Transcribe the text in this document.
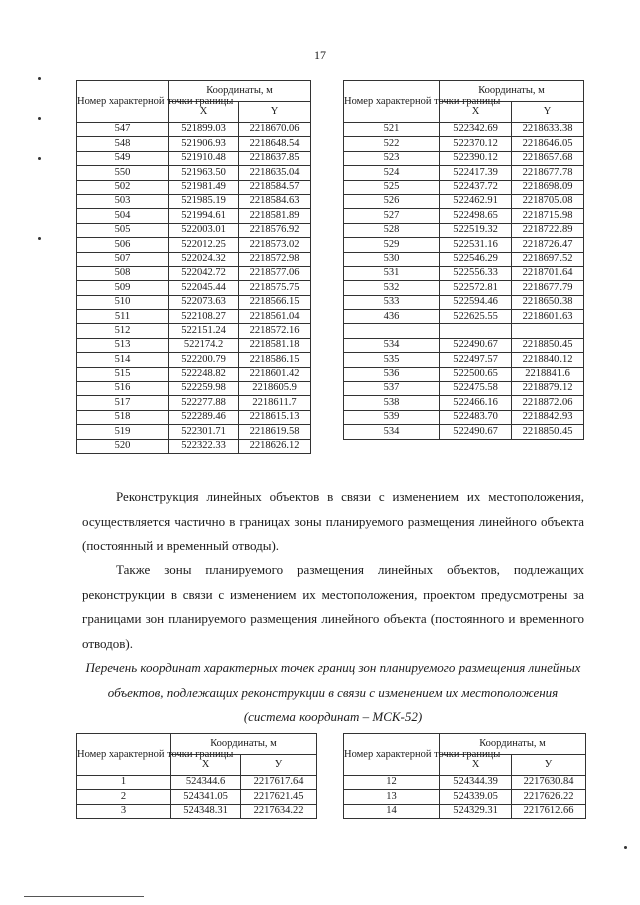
17
Номер характерной точки границы	Координаты, м	
	X	Y
547	521899.03	2218670.06
548	521906.93	2218648.54
549	521910.48	2218637.85
550	521963.50	2218635.04
502	521981.49	2218584.57
503	521985.19	2218584.63
504	521994.61	2218581.89
505	522003.01	2218576.92
506	522012.25	2218573.02
507	522024.32	2218572.98
508	522042.72	2218577.06
509	522045.44	2218575.75
510	522073.63	2218566.15
511	522108.27	2218561.04
512	522151.24	2218572.16
513	522174.2	2218581.18
514	522200.79	2218586.15
515	522248.82	2218601.42
516	522259.98	2218605.9
517	522277.88	2218611.7
518	522289.46	2218615.13
519	522301.71	2218619.58
520	522322.33	2218626.12
Номер характерной точки границы	Координаты, м	
	X	Y
521	522342.69	2218633.38
522	522370.12	2218646.05
523	522390.12	2218657.68
524	522417.39	2218677.78
525	522437.72	2218698.09
526	522462.91	2218705.08
527	522498.65	2218715.98
528	522519.32	2218722.89
529	522531.16	2218726.47
530	522546.29	2218697.52
531	522556.33	2218701.64
532	522572.81	2218677.79
533	522594.46	2218650.38
436	522625.55	2218601.63

534	522490.67	2218850.45
535	522497.57	2218840.12
536	522500.65	2218841.6
537	522475.58	2218879.12
538	522466.16	2218872.06
539	522483.70	2218842.93
534	522490.67	2218850.45
Реконструкция линейных объектов в связи с изменением их местоположения, осуществляется частично в границах зоны планируемого размещения линейного объекта (постоянный и временный отводы).
Также зоны планируемого размещения линейных объектов, подлежащих реконструкции в связи с изменением их местоположения, проектом предусмотрены за границами зон планируемого размещения линейного объекта (постоянного и временного отводов).
Перечень координат характерных точек границ зон планируемого размещения линейных объектов, подлежащих реконструкции в связи с изменением их местоположения (система координат – МСК-52)
Номер характерной точки границы	Координаты, м	
	X	У
1	524344.6	2217617.64
2	524341.05	2217621.45
3	524348.31	2217634.22
Номер характерной точки границы	Координаты, м	
	X	У
12	524344.39	2217630.84
13	524339.05	2217626.22
14	524329.31	2217612.66
